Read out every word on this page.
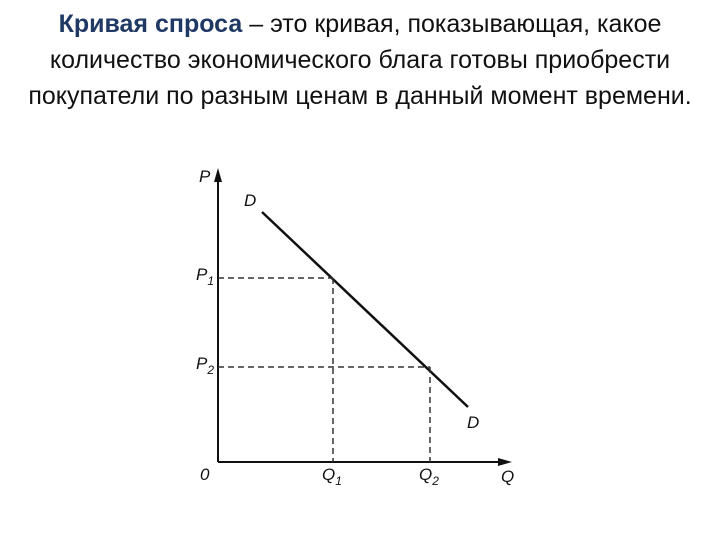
Кривая спроса – это кривая, показывающая, какое количество экономического блага готовы приобрести покупатели по разным ценам в данный момент времени.

P
Q
0
D
D
$P_1$
$P_2$
$Q_1$	$Q_2$
